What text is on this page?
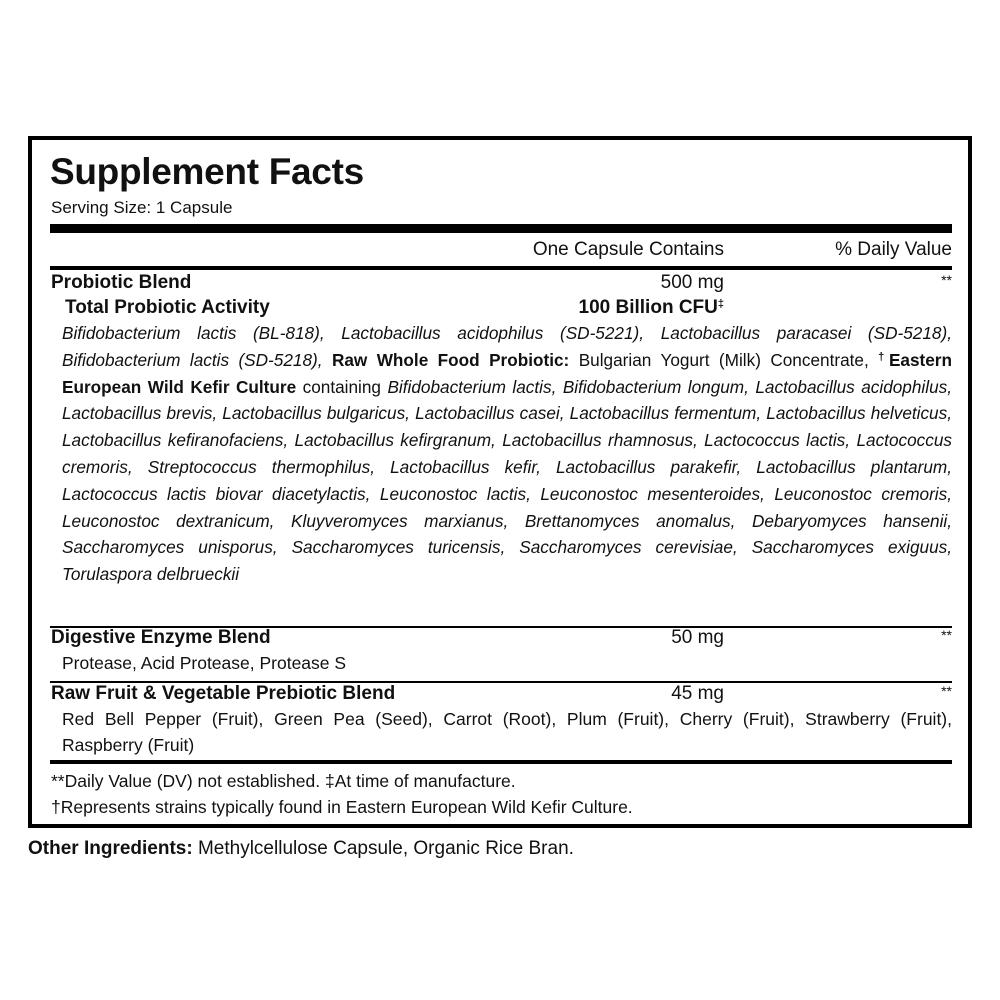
Supplement Facts
Serving Size: 1 Capsule
One Capsule Contains	% Daily Value
Probiotic Blend	500 mg	**
Total Probiotic Activity	100 Billion CFU‡
Bifidobacterium lactis (BL-818), Lactobacillus acidophilus (SD-5221), Lactobacillus paracasei (SD-5218), Bifidobacterium lactis (SD-5218), Raw Whole Food Probiotic: Bulgarian Yogurt (Milk) Concentrate, †Eastern European Wild Kefir Culture containing Bifidobacterium lactis, Bifidobacterium longum, Lactobacillus acidophilus, Lactobacillus brevis, Lactobacillus bulgaricus, Lactobacillus casei, Lactobacillus fermentum, Lactobacillus helveticus, Lactobacillus kefiranofaciens, Lactobacillus kefirgranum, Lactobacillus rhamnosus, Lactococcus lactis, Lactococcus cremoris, Streptococcus thermophilus, Lactobacillus kefir, Lactobacillus parakefir, Lactobacillus plantarum, Lactococcus lactis biovar diacetylactis, Leuconostoc lactis, Leuconostoc mesenteroides, Leuconostoc cremoris, Leuconostoc dextranicum, Kluyveromyces marxianus, Brettanomyces anomalus, Debaryomyces hansenii, Saccharomyces unisporus, Saccharomyces turicensis, Saccharomyces cerevisiae, Saccharomyces exiguus, Torulaspora delbrueckii
Digestive Enzyme Blend	50 mg	**
Protease, Acid Protease, Protease S
Raw Fruit & Vegetable Prebiotic Blend	45 mg	**
Red Bell Pepper (Fruit), Green Pea (Seed), Carrot (Root), Plum (Fruit), Cherry (Fruit), Strawberry (Fruit), Raspberry (Fruit)
**Daily Value (DV) not established. ‡At time of manufacture.
†Represents strains typically found in Eastern European Wild Kefir Culture.
Other Ingredients: Methylcellulose Capsule, Organic Rice Bran.
